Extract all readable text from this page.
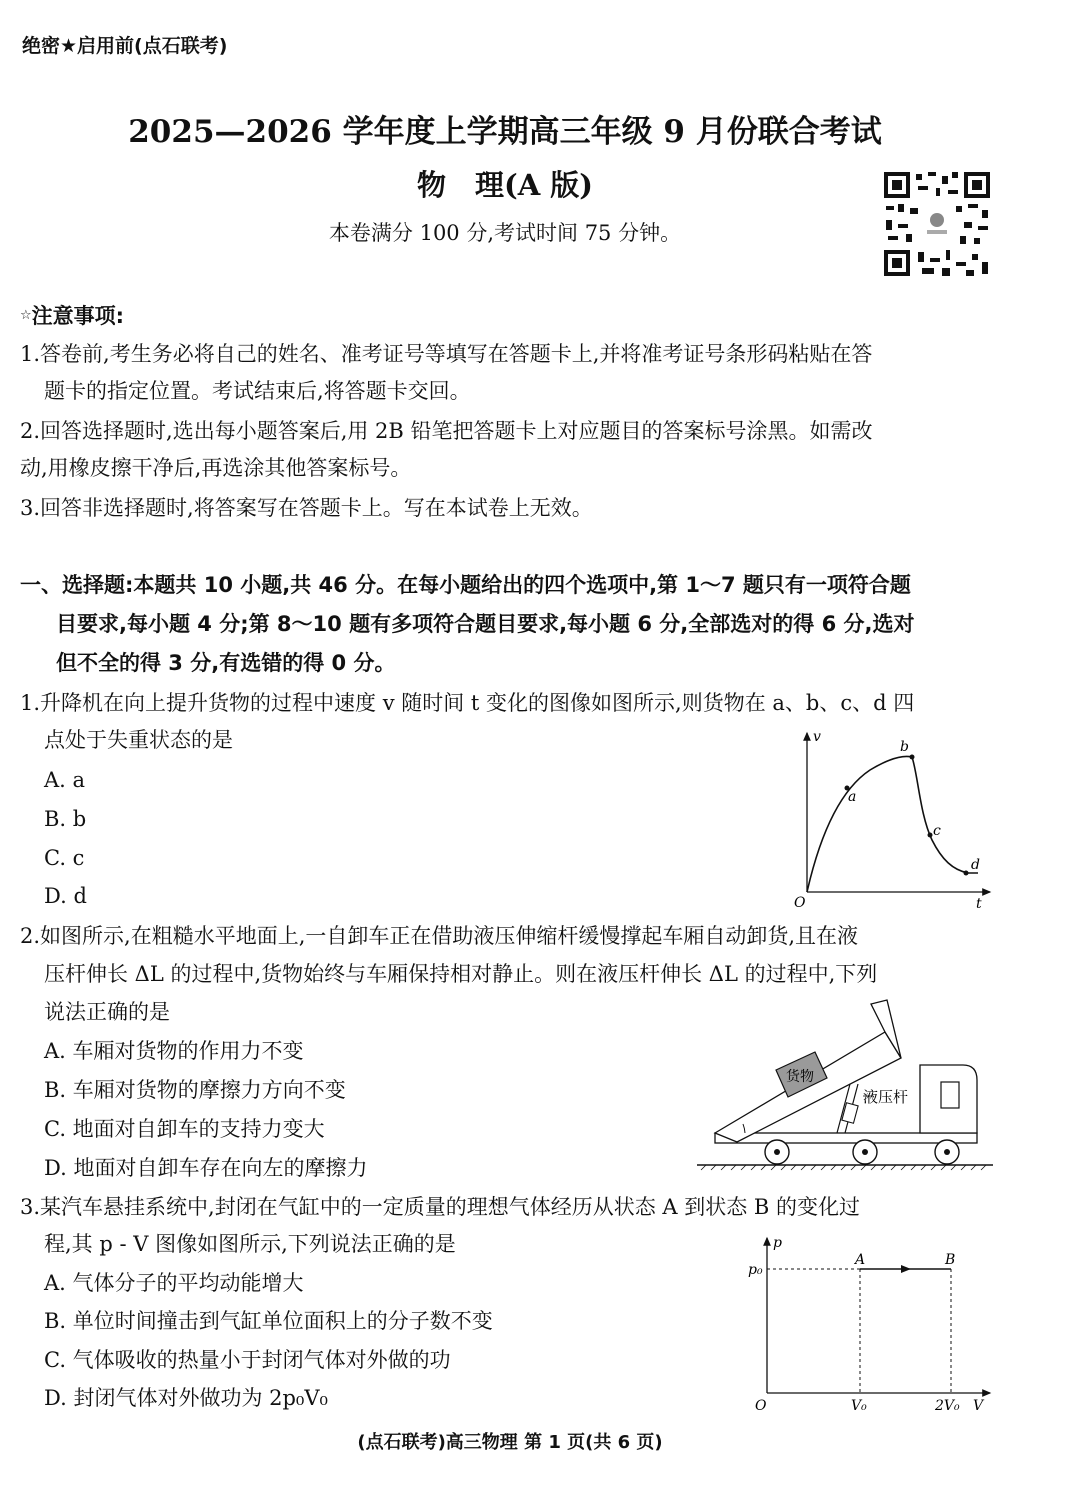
绝密★启用前(点石联考)
2025—2026 学年度上学期高三年级 9 月份联合考试
物　理(A 版)
本卷满分 100 分,考试时间 75 分钟。
☆注意事项:
1.答卷前,考生务必将自己的姓名、准考证号等填写在答题卡上,并将准考证号条形码粘贴在答
题卡的指定位置。考试结束后,将答题卡交回。
2.回答选择题时,选出每小题答案后,用 2B 铅笔把答题卡上对应题目的答案标号涂黑。如需改
动,用橡皮擦干净后,再选涂其他答案标号。
3.回答非选择题时,将答案写在答题卡上。写在本试卷上无效。
一、选择题:本题共 10 小题,共 46 分。在每小题给出的四个选项中,第 1～7 题只有一项符合题
目要求,每小题 4 分;第 8～10 题有多项符合题目要求,每小题 6 分,全部选对的得 6 分,选对
但不全的得 3 分,有选错的得 0 分。
1.升降机在向上提升货物的过程中速度 v 随时间 t 变化的图像如图所示,则货物在 a、b、c、d 四
点处于失重状态的是
A. a
B. b
C. c
D. d
v
t
O
a
b
c
d
2.如图所示,在粗糙水平地面上,一自卸车正在借助液压伸缩杆缓慢撑起车厢自动卸货,且在液
压杆伸长 ΔL 的过程中,货物始终与车厢保持相对静止。则在液压杆伸长 ΔL 的过程中,下列
说法正确的是
A. 车厢对货物的作用力不变
B. 车厢对货物的摩擦力方向不变
C. 地面对自卸车的支持力变大
D. 地面对自卸车存在向左的摩擦力
货物
液压杆
3.某汽车悬挂系统中,封闭在气缸中的一定质量的理想气体经历从状态 A 到状态 B 的变化过
程,其 p - V 图像如图所示,下列说法正确的是
A. 气体分子的平均动能增大
B. 单位时间撞击到气缸单位面积上的分子数不变
C. 气体吸收的热量小于封闭气体对外做的功
D. 封闭气体对外做功为 2p₀V₀
p
V
O
p₀
A	B
V₀	2V₀
(点石联考)高三物理 第 1 页(共 6 页)
